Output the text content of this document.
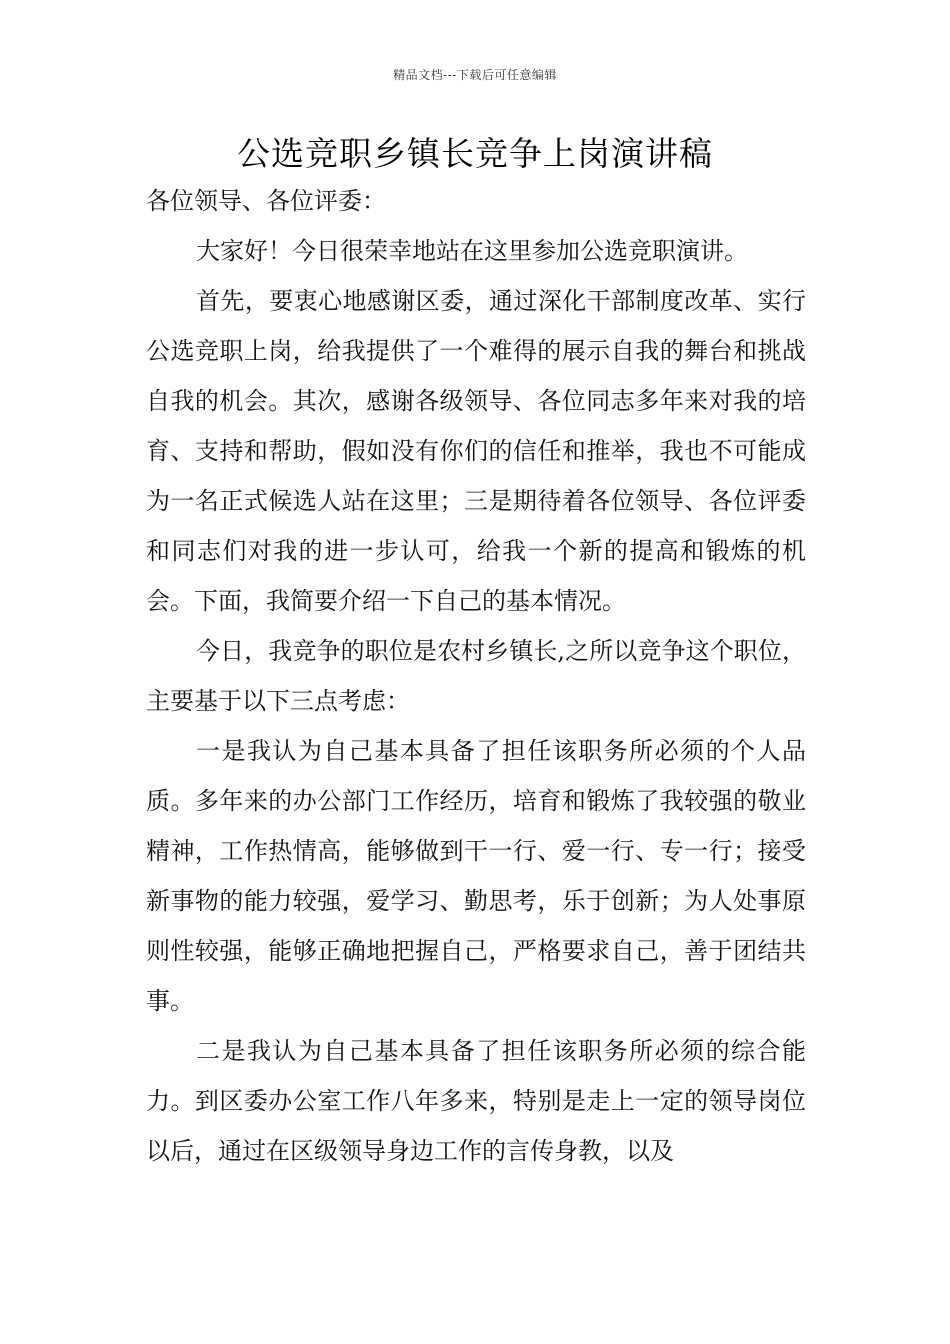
精品文档---下载后可任意编辑
公选竞职乡镇长竞争上岗演讲稿

各位领导、各位评委：

大家好！今日很荣幸地站在这里参加公选竞职演讲。

首先，要衷心地感谢区委，通过深化干部制度改革、实行公选竞职上岗，给我提供了一个难得的展示自我的舞台和挑战自我的机会。其次，感谢各级领导、各位同志多年来对我的培育、支持和帮助，假如没有你们的信任和推举，我也不可能成为一名正式候选人站在这里；三是期待着各位领导、各位评委和同志们对我的进一步认可，给我一个新的提高和锻炼的机会。下面，我简要介绍一下自己的基本情况。

今日，我竞争的职位是农村乡镇长,之所以竞争这个职位，主要基于以下三点考虑：

一是我认为自己基本具备了担任该职务所必须的个人品质。多年来的办公部门工作经历，培育和锻炼了我较强的敬业精神，工作热情高，能够做到干一行、爱一行、专一行；接受新事物的能力较强，爱学习、勤思考，乐于创新；为人处事原则性较强，能够正确地把握自己，严格要求自己，善于团结共事。

二是我认为自己基本具备了担任该职务所必须的综合能力。到区委办公室工作八年多来，特别是走上一定的领导岗位以后，通过在区级领导身边工作的言传身教，以及
